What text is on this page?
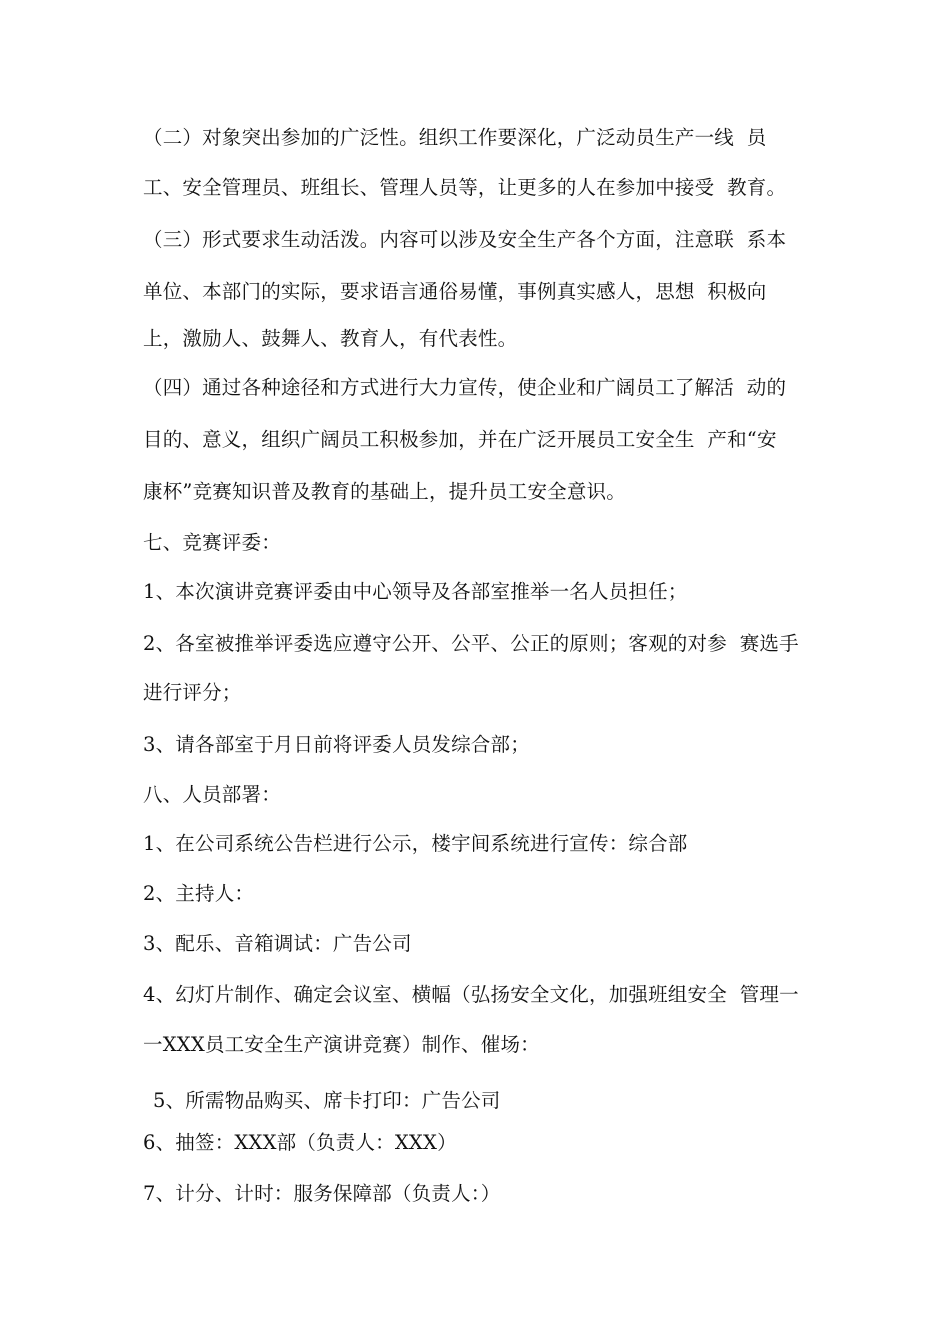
（二）对象突出参加的广泛性。组织工作要深化，广泛动员生产一线  员
工、安全管理员、班组长、管理人员等，让更多的人在参加中接受  教育。
（三）形式要求生动活泼。内容可以涉及安全生产各个方面，注意联  系本
单位、本部门的实际，要求语言通俗易懂，事例真实感人，思想  积极向
上，激励人、鼓舞人、教育人，有代表性。
（四）通过各种途径和方式进行大力宣传，使企业和广阔员工了解活  动的
目的、意义，组织广阔员工积极参加，并在广泛开展员工安全生  产和“安
康杯”竞赛知识普及教育的基础上，提升员工安全意识。
七、竞赛评委：
1、本次演讲竞赛评委由中心领导及各部室推举一名人员担任；
2、各室被推举评委选应遵守公开、公平、公正的原则；客观的对参  赛选手
进行评分；
3、请各部室于月日前将评委人员发综合部；
八、人员部署：
1、在公司系统公告栏进行公示，楼宇间系统进行宣传：综合部
2、主持人：
3、配乐、音箱调试：广告公司
4、幻灯片制作、确定会议室、横幅（弘扬安全文化，加强班组安全  管理一
一XXX员工安全生产演讲竞赛）制作、催场：
5、所需物品购买、席卡打印：广告公司
6、抽签：XXX部（负责人：XXX）
7、计分、计时：服务保障部（负责人：）
